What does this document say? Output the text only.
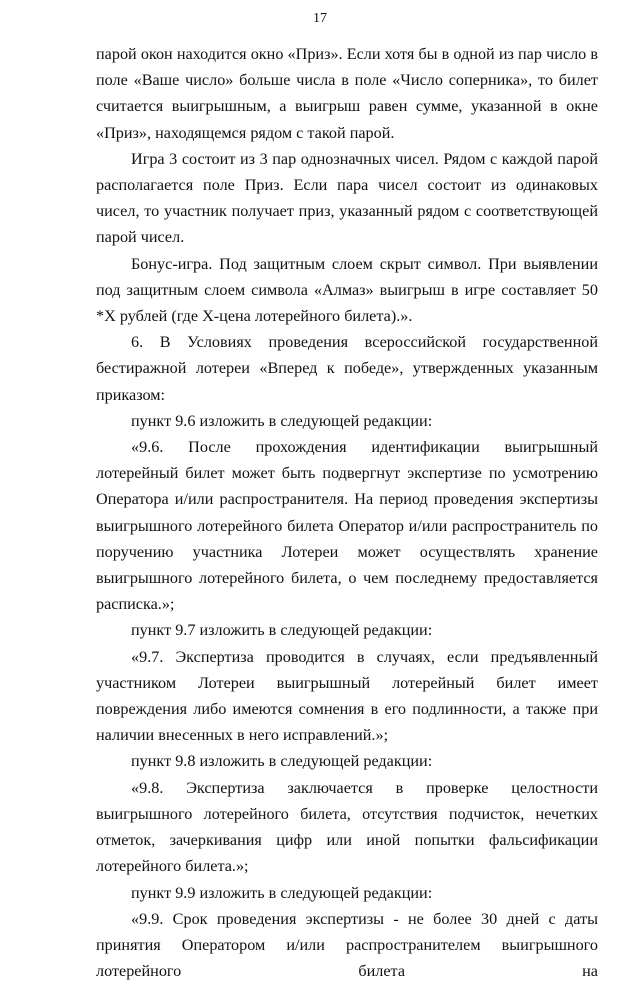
17

парой окон находится окно «Приз». Если хотя бы в одной из пар число в поле «Ваше число» больше числа в поле «Число соперника», то билет считается выигрышным, а выигрыш равен сумме, указанной в окне «Приз», находящемся рядом с такой парой.

Игра 3 состоит из 3 пар однозначных чисел. Рядом с каждой парой располагается поле Приз. Если пара чисел состоит из одинаковых чисел, то участник получает приз, указанный рядом с соответствующей парой чисел.

Бонус-игра. Под защитным слоем скрыт символ. При выявлении под защитным слоем символа «Алмаз» выигрыш в игре составляет 50 *Х рублей (где Х-цена лотерейного билета).».

6. В Условиях проведения всероссийской государственной бестиражной лотереи «Вперед к победе», утвержденных указанным приказом:

пункт 9.6 изложить в следующей редакции:

«9.6. После прохождения идентификации выигрышный лотерейный билет может быть подвергнут экспертизе по усмотрению Оператора и/или распространителя. На период проведения экспертизы выигрышного лотерейного билета Оператор и/или распространитель по поручению участника Лотереи может осуществлять хранение выигрышного лотерейного билета, о чем последнему предоставляется расписка.»;

пункт 9.7 изложить в следующей редакции:

«9.7. Экспертиза проводится в случаях, если предъявленный участником Лотереи выигрышный лотерейный билет имеет повреждения либо имеются сомнения в его подлинности, а также при наличии внесенных в него исправлений.»;

пункт 9.8 изложить в следующей редакции:

«9.8. Экспертиза заключается в проверке целостности выигрышного лотерейного билета, отсутствия подчисток, нечетких отметок, зачеркивания цифр или иной попытки фальсификации лотерейного билета.»;

пункт 9.9 изложить в следующей редакции:

«9.9. Срок проведения экспертизы - не более 30 дней с даты принятия Оператором и/или распространителем выигрышного лотерейного билета на
